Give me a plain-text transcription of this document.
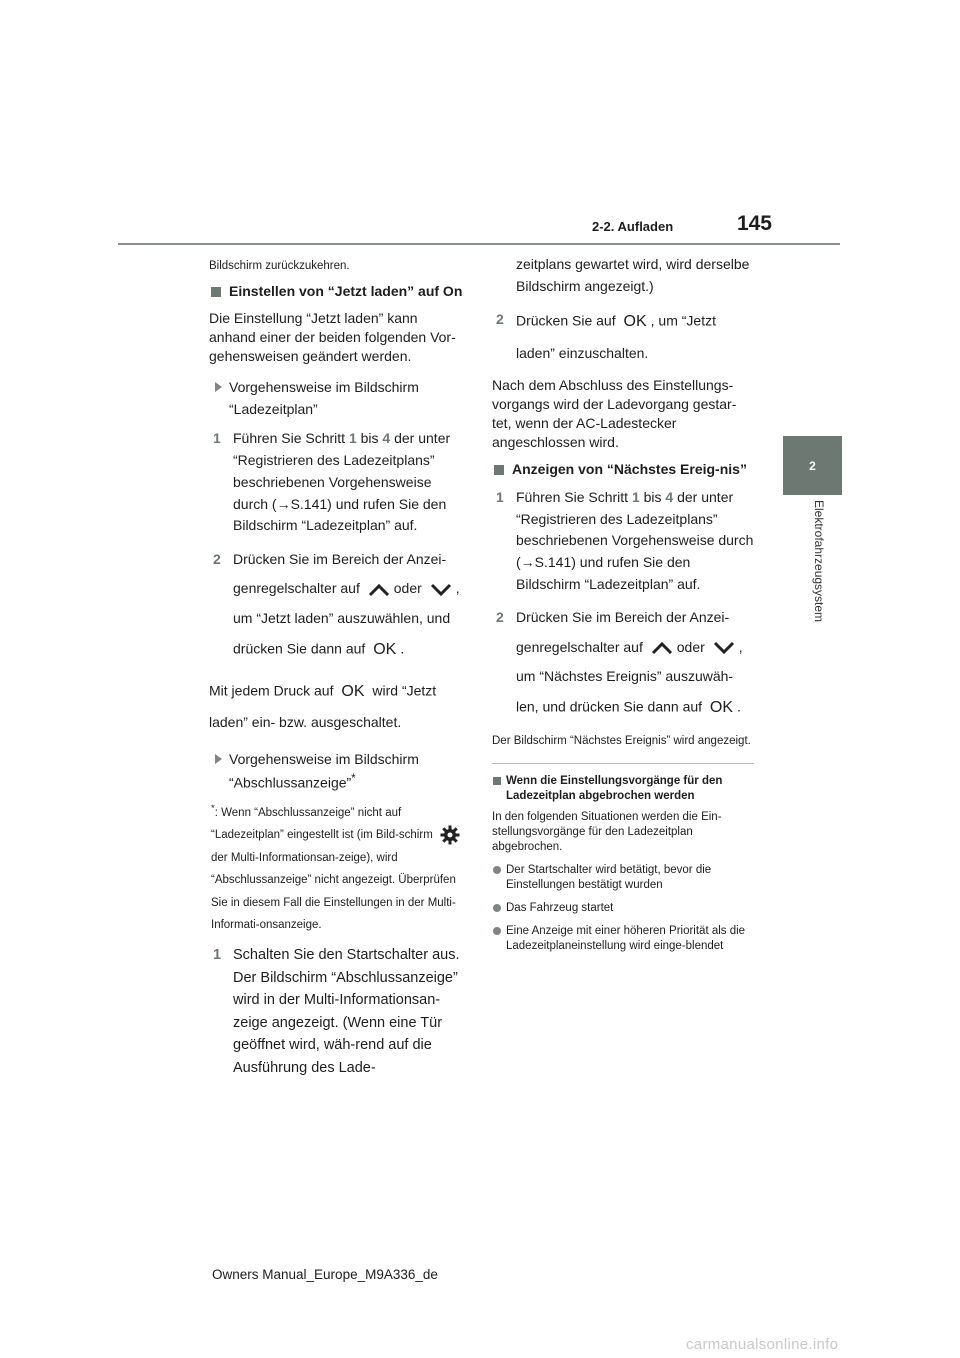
2-2. Aufladen	145
2
Elektrofahrzeugsystem

Bildschirm zurückzukehren.

Einstellen von “Jetzt laden” auf On

Die Einstellung “Jetzt laden” kann anhand einer der beiden folgenden Vor-gehensweisen geändert werden.

Vorgehensweise im Bildschirm “Ladezeitplan”
1 Führen Sie Schritt 1 bis 4 der unter “Registrieren des Ladezeitplans” beschriebenen Vorgehensweise durch (→S.141) und rufen Sie den Bildschirm “Ladezeitplan” auf.
2 Drücken Sie im Bereich der Anzei-genregelschalter auf oder , um “Jetzt laden” auszuwählen, und drücken Sie dann auf OK .

Mit jedem Druck auf OK wird “Jetzt laden” ein- bzw. ausgeschaltet.

Vorgehensweise im Bildschirm “Abschlussanzeige”*
*: Wenn “Abschlussanzeige” nicht auf “Ladezeitplan” eingestellt ist (im Bild-schirm  der Multi-Informationsan-zeige), wird “Abschlussanzeige” nicht angezeigt. Überprüfen Sie in diesem Fall die Einstellungen in der Multi-Informati-onsanzeige.
1 Schalten Sie den Startschalter aus. Der Bildschirm “Abschlussanzeige” wird in der Multi-Informationsan-zeige angezeigt. (Wenn eine Tür geöffnet wird, wäh-rend auf die Ausführung des Lade-
zeitplans gewartet wird, wird derselbe Bildschirm angezeigt.)
2 Drücken Sie auf OK , um “Jetzt laden” einzuschalten.

Nach dem Abschluss des Einstellungs-vorgangs wird der Ladevorgang gestar-tet, wenn der AC-Ladestecker angeschlossen wird.

Anzeigen von “Nächstes Ereig-nis”
1 Führen Sie Schritt 1 bis 4 der unter “Registrieren des Ladezeitplans” beschriebenen Vorgehensweise durch (→S.141) und rufen Sie den Bildschirm “Ladezeitplan” auf.
2 Drücken Sie im Bereich der Anzei-genregelschalter auf oder , um “Nächstes Ereignis” auszuwäh-len, und drücken Sie dann auf OK .

Der Bildschirm “Nächstes Ereignis” wird angezeigt.

Wenn die Einstellungsvorgänge für den Ladezeitplan abgebrochen werden

In den folgenden Situationen werden die Ein-stellungsvorgänge für den Ladezeitplan abgebrochen.

Der Startschalter wird betätigt, bevor die Einstellungen bestätigt wurden
Das Fahrzeug startet
Eine Anzeige mit einer höheren Priorität als die Ladezeitplaneinstellung wird einge-blendet
Owners Manual_Europe_M9A336_de
carmanualsonline.info
